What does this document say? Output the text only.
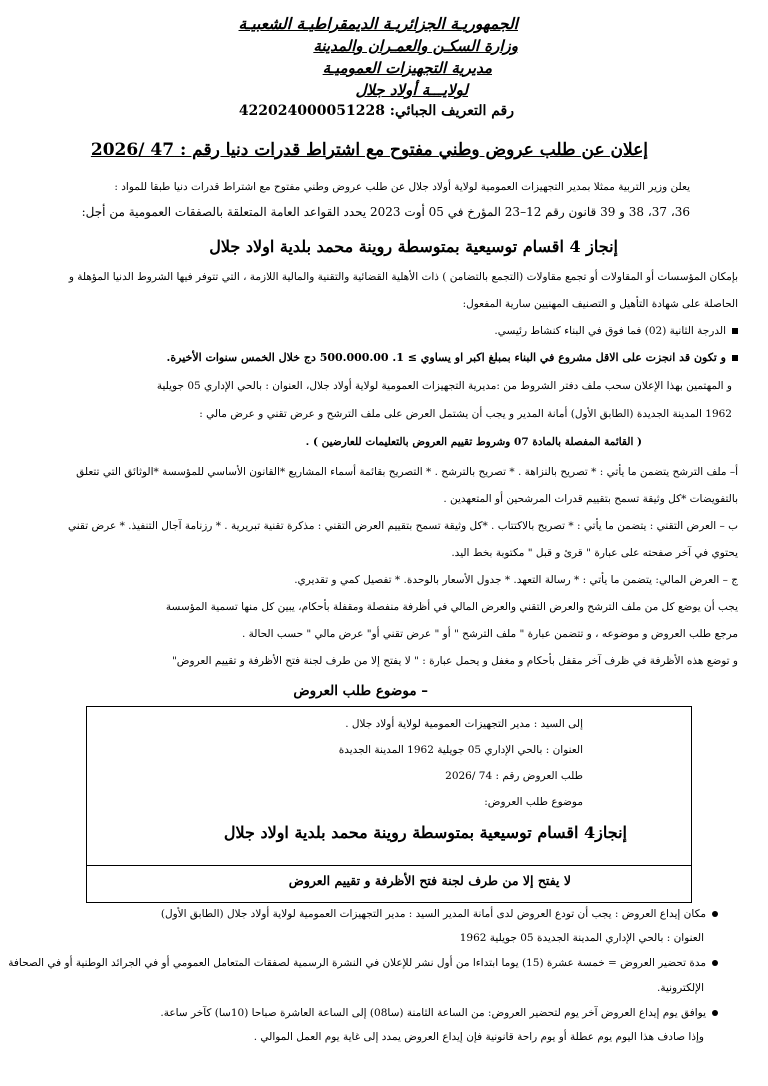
الجمهوريـة الجزائريـة الديمقراطيـة الشعبيـة
وزارة السكـن والعمـران والمدينة
مديرية التجهيزات العموميـة
لولايـــة أولاد جلال
رقم التعريف الجبائي: 422024000051228
إعلان عن طلب عروض وطني مفتوح مع اشتراط قدرات دنيا رقم : 47 /2026
يعلن وزير التربية ممثلا بمدير التجهيزات العمومية لولاية أولاد جلال عن طلب عروض وطني مفتوح مع اشتراط قدرات دنيا طبقا للمواد :
36، 37، 38 و 39 قانون رقم 12–23 المؤرخ في 05 أوت 2023 يحدد القواعد العامة المتعلقة بالصفقات العمومية من أجل:
إنجاز 4 اقسام توسيعية بمتوسطة روينة محمد بلدية اولاد جلال
بإمكان المؤسسات أو المقاولات أو تجمع مقاولات (التجمع بالتضامن ) ذات الأهلية القضائية والتقنية والمالية اللازمة ، التي تتوفر فيها الشروط الدنيا المؤهلة و
الحاصلة على شهادة التأهيل و التصنيف المهنيين سارية المفعول:
الدرجة الثانية (02) فما فوق في البناء كنشاط رئيسي.
و تكون قد انجزت على الاقل مشروع في البناء بمبلغ اكبر او يساوي ≥ 1. 500.000.00 دج خلال الخمس سنوات الأخيرة.
و المهتمين بهذا الإعلان سحب ملف دفتر الشروط من :مديرية التجهيزات العمومية لولاية أولاد جلال، العنوان : بالحي الإداري 05 جويلية
1962 المدينة الجديدة (الطابق الأول) أمانة المدير و يجب أن يشتمل العرض على ملف الترشح و عرض تقني و عرض مالي :
( القائمة المفصلة بالمادة 07 وشروط تقييم العروض بالتعليمات للعارضين ) .
أ– ملف الترشح يتضمن ما يأتي : * تصريح بالنزاهة . * تصريح بالترشح . * التصريح بقائمة أسماء المشاريع *القانون الأساسي للمؤسسة *الوثائق التي تتعلق
بالتفويضات *كل وثيقة تسمح بتقييم قدرات المرشحين أو المتعهدين .
ب – العرض التقني : يتضمن ما يأتي : * تصريح بالاكتتاب . *كل وثيقة تسمح بتقييم العرض التقني : مذكرة تقنية تبريرية . * رزنامة آجال التنفيذ. * عرض تقني
يحتوي في آخر صفحته على عبارة " قرئ و قبل " مكتوبة بخط اليد.
ج – العرض المالي: يتضمن ما يأتي : * رسالة التعهد. * جدول الأسعار بالوحدة. * تفصيل كمي و تقديري.
يجب أن يوضع كل من ملف الترشح والعرض التقني والعرض المالي في أظرفة منفصلة ومقفلة بأحكام، يبين كل منها تسمية المؤسسة
مرجع طلب العروض و موضوعه ، و تتضمن عبارة " ملف الترشح " أو " عرض تقني أو" عرض مالي " حسب الحالة .
و توضع هذه الأظرفة في ظرف آخر مقفل بأحكام و مغفل و يحمل عبارة : " لا يفتح إلا من طرف لجنة فتح الأظرفة و تقييم العروض"
– موضوع طلب العروض
إلى السيد : مدير التجهيزات العمومية لولاية أولاد جلال .
العنوان : بالحي الإداري 05 جويلية 1962 المدينة الجديدة
طلب العروض رقم : 74 /2026
موضوع طلب العروض:
إنجاز4 اقسام توسيعية بمتوسطة روينة محمد بلدية اولاد جلال
لا يفتح إلا من طرف لجنة فتح الأظرفة و تقييم العروض
مكان إيداع العروض : يجب أن تودع العروض لدى أمانة المدير السيد : مدير التجهيزات العمومية لولاية أولاد جلال (الطابق الأول)
العنوان : بالحي الإداري المدينة الجديدة 05 جويلية 1962
مدة تحضير العروض = خمسة عشرة (15) يوما ابتداءا من أول نشر للإعلان في النشرة الرسمية لصفقات المتعامل العمومي أو في الجرائد الوطنية أو في الصحافة
الإلكترونية.
يوافق يوم إيداع العروض آخر يوم لتحضير العروض: من الساعة الثامنة (سا08) إلى الساعة العاشرة صباحا (10سا) كآخر ساعة.
وإذا صادف هذا اليوم يوم عطلة أو يوم راحة قانونية فإن إيداع العروض يمدد إلى غاية يوم العمل الموالي .
